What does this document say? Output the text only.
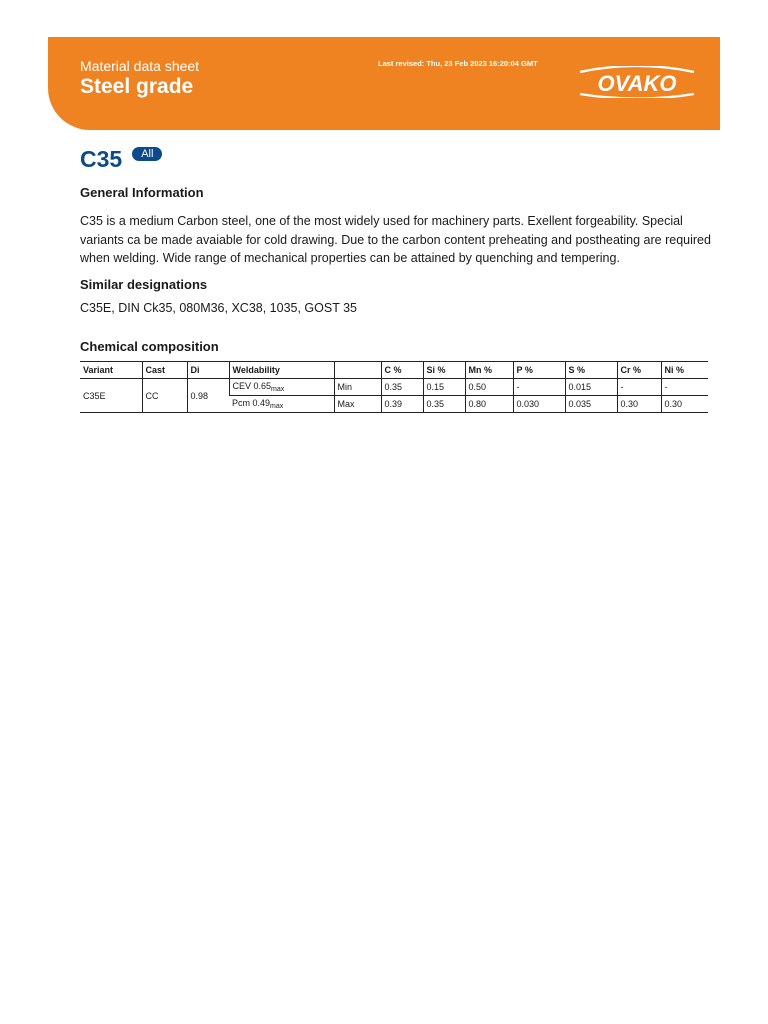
Material data sheet
Steel grade
Last revised: Thu, 23 Feb 2023 16:20:04 GMT
OVAKO
C35	All
General Information
C35 is a medium Carbon steel, one of the most widely used for machinery parts. Exellent forgeability. Special variants ca be made avaiable for cold drawing. Due to the carbon content preheating and postheating are required when welding. Wide range of mechanical properties can be attained by quenching and tempering.
Similar designations
C35E, DIN Ck35, 080M36, XC38, 1035, GOST 35
Chemical composition
Variant	Cast	Di	Weldability		C %	Si %	Mn %	P %	S %	Cr %	Ni %
C35E	CC	0.98	CEV $0.65_{max}$	Min	0.35	0.15	0.50	-	0.015	-	-
			Pcm $0.49_{max}$	Max	0.39	0.35	0.80	0.030	0.035	0.30	0.30
